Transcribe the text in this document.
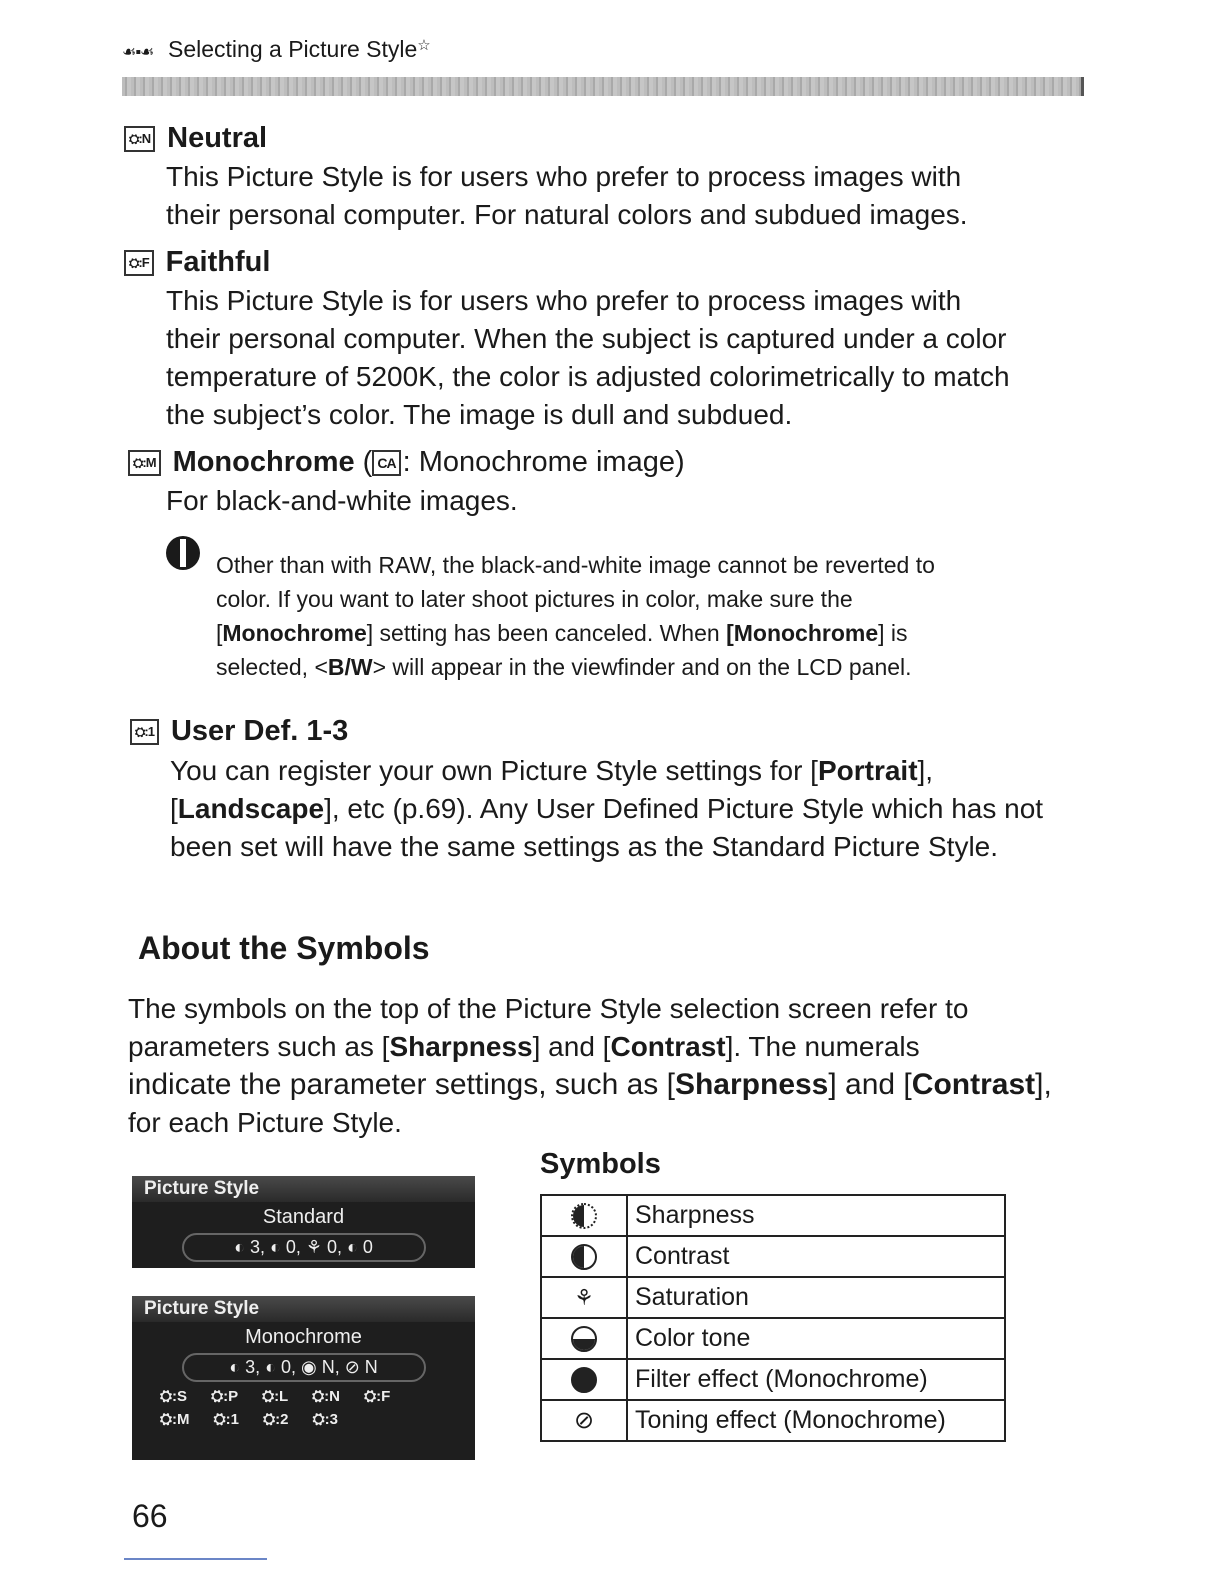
☙▪☙ Selecting a Picture Style☆
⛭:N Neutral
This Picture Style is for users who prefer to process images with
their personal computer. For natural colors and subdued images.
⛭:F Faithful
This Picture Style is for users who prefer to process images with
their personal computer. When the subject is captured under a color
temperature of 5200K, the color is adjusted colorimetrically to match
the subject’s color. The image is dull and subdued.
⛭:M Monochrome ( CA : Monochrome image)
For black-and-white images.
Other than with RAW, the black-and-white image cannot be reverted to
color. If you want to later shoot pictures in color, make sure the
[Monochrome] setting has been canceled. When [Monochrome] is
selected, <B/W> will appear in the viewfinder and on the LCD panel.
⛭:1 User Def. 1-3
You can register your own Picture Style settings for [Portrait],
[Landscape], etc (p.69). Any User Defined Picture Style which has not
been set will have the same settings as the Standard Picture Style.
About the Symbols
The symbols on the top of the Picture Style selection screen refer to
parameters such as [Sharpness] and [Contrast]. The numerals
indicate the parameter settings, such as [Sharpness] and [Contrast],
for each Picture Style.
Picture Style
Standard
◐ 3, ◐ 0, ⚘ 0, ◐ 0
Picture Style
Monochrome
◐ 3, ◐ 0, ◉ N, ⊘ N
⛭:S ⛭:P ⛭:L ⛭:N ⛭:F
⛭:M ⛭:1 ⛭:2 ⛭:3
Symbols
	Sharpness
	Contrast
⚘	Saturation
	Color tone
	Filter effect (Monochrome)
⊘	Toning effect (Monochrome)
66
